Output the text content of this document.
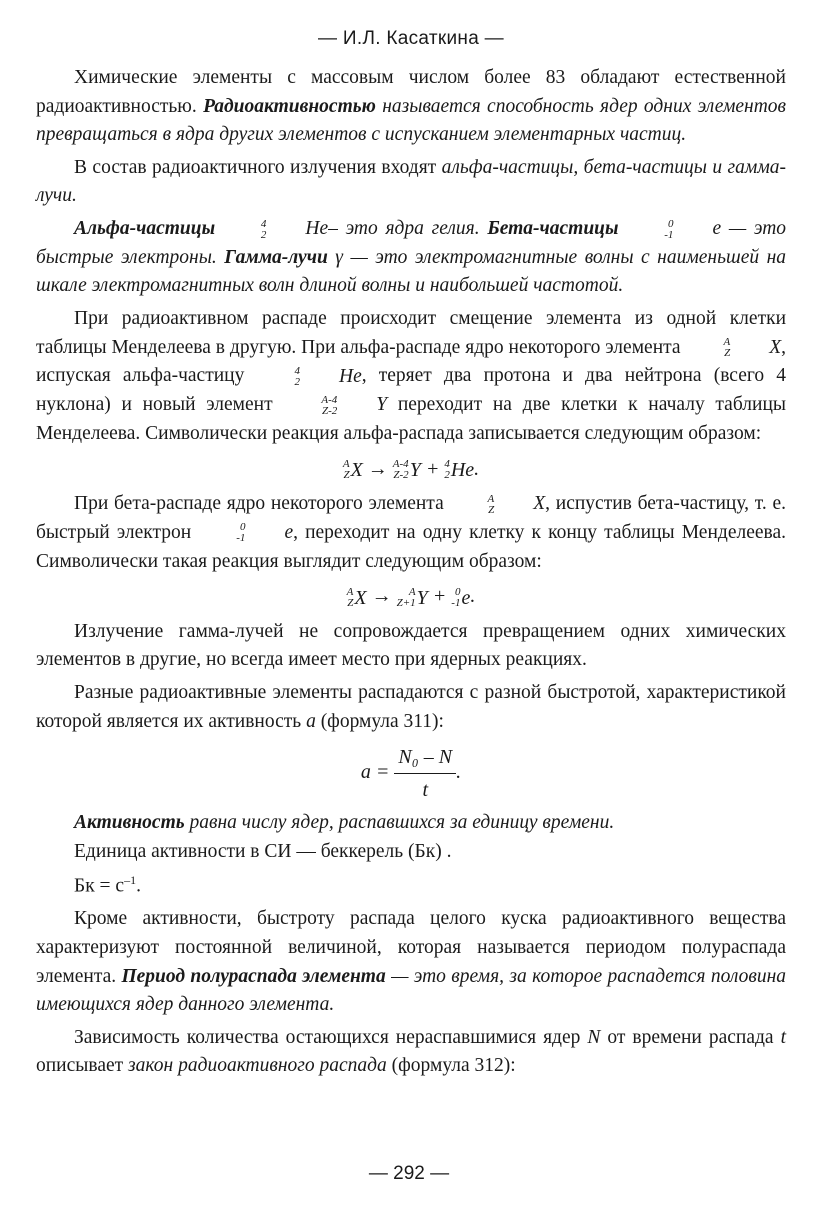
— И.Л. Касаткина —

Химические элементы с массовым числом более 83 обладают естественной радиоактивностью. Радиоактивностью называется способность ядер одних элементов превращаться в ядра других элементов с испусканием элементарных частиц.

В состав радиоактичного излучения входят альфа-частицы, бета-частицы и гамма-лучи.

Альфа-частицы	4
2	He – это ядра гелия. Бета-частицы	0
-1	e — это быстрые электроны. Гамма-лучи γ — это электромагнитные волны с наименьшей на шкале электромагнитных волн длиной волны и наибольшей частотой.

При радиоактивном распаде происходит смещение элемента из одной клетки таблицы Менделеева в другую. При альфа-распаде ядро некоторого элемента	A
Z	X , испуская альфа-частицу	4
2	He , теряет два протона и два нейтрона (всего 4 нуклона) и новый элемент	A-4
Z-2	Y переходит на две клетки к началу таблицы Менделеева. Символически реакция альфа-распада записывается следующим образом:

A
Z X → A-4
Z-2 Y + 4
2 He .

При бета-распаде ядро некоторого элемента	A
Z	X , испустив бета-частицу, т. е. быстрый электрон	0
-1	e , переходит на одну клетку к концу таблицы Менделеева. Символически такая реакция выглядит следующим образом:

A
Z X → A
Z+1 Y + 0
-1 e .

Излучение гамма-лучей не сопровождается превращением одних химических элементов в другие, но всегда имеет место при ядерных реакциях.

Разные радиоактивные элементы распадаются с разной быстротой, характеристикой которой является их активность a (формула 311):

$a = \frac{\text{N₀ – N}}{t}$ .

Активность равна числу ядер, распавшихся за единицу времени.

Единица активности в СИ — беккерель (Бк) .

Бк = $с^{-1}$.

Кроме активности, быстроту распада целого куска радиоактивного вещества характеризуют постоянной величиной, которая называется периодом полураспада элемента. Период полураспада элемента — это время, за которое распадется половина имеющихся ядер данного элемента.

Зависимость количества остающихся нераспавшимися ядер N от времени распада t описывает закон радиоактивного распада (формула 312):

— 292 —
